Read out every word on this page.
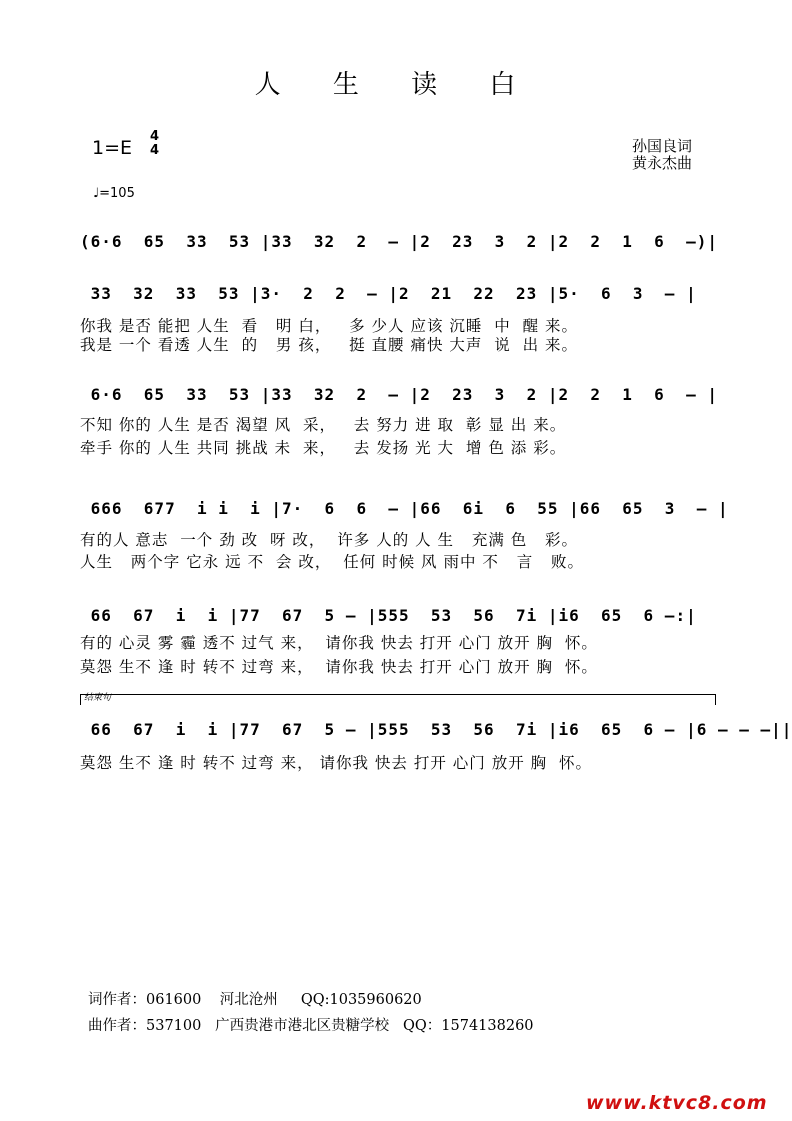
人 生 读 白
1=E
4
4	孙国良词
黄永杰曲
♩=105
(6·6  65  33  53 |33  32  2  – |2  23  3  2 |2  2  1  6  –)|
33  32  33  53 |3·  2  2  – |2  21  22  23 |5·  6  3  – |
你我 是否 能把 人生  看   明 白，   多 少人 应该 沉睡  中  醒 来。
我是 一个 看透 人生  的   男 孩，   挺 直腰 痛快 大声  说  出 来。
6·6  65  33  53 |33  32  2  – |2  23  3  2 |2  2  1  6  – |
不知 你的 人生 是否 渴望 风  采，   去 努力 进 取  彰 显 出 来。
牵手 你的 人生 共同 挑战 未  来，   去 发扬 光 大  增 色 添 彩。
666  677  i i  i |7·  6  6  – |66  6i  6  55 |66  65  3  – |
有的人 意志  一个 劲 改  呀 改，  许多 人的 人 生   充满 色   彩。
人生   两个字 它永 远 不  会 改，  任何 时候 风 雨中 不   言   败。
66  67  i  i |77  67  5 – |555  53  56  7i |i6  65  6 –:|
有的 心灵 雾 霾 透不 过气 来，  请你我 快去 打开 心门 放开 胸  怀。
莫怨 生不 逢 时 转不 过弯 来，  请你我 快去 打开 心门 放开 胸  怀。
结束句
66  67  i  i |77  67  5 – |555  53  56  7i |i6  65  6 – |6 – – –||
莫怨 生不 逢 时 转不 过弯 来， 请你我 快去 打开 心门 放开 胸  怀。
词作者：061600    河北沧州     QQ:1035960620
曲作者：537100   广西贵港市港北区贵糖学校   QQ：1574138260
www.ktvc8.com
